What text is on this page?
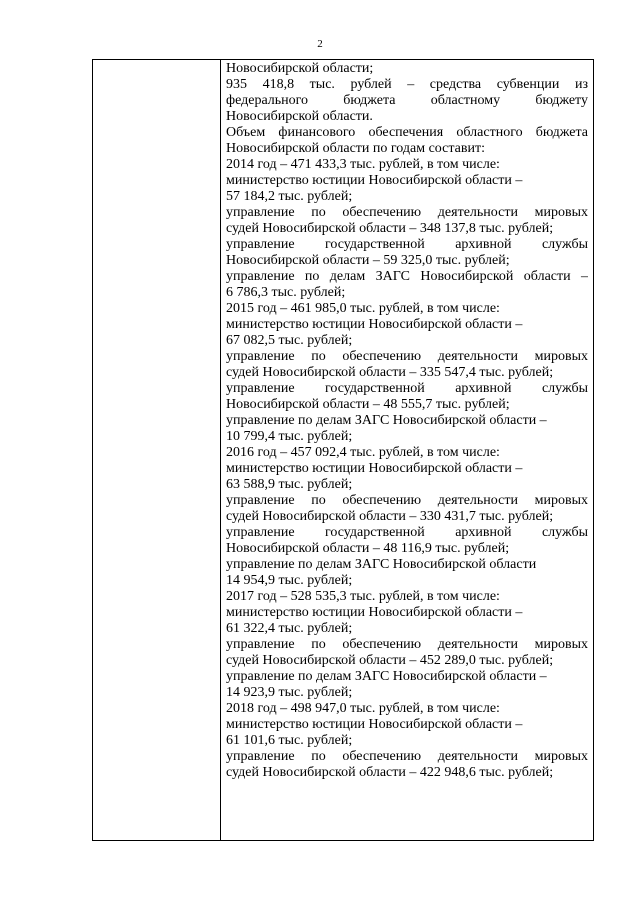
2
Новосибирской области;
935 418,8 тыс. рублей – средства субвенции из
федерального бюджета областному бюджету
Новосибирской области.
Объем финансового обеспечения областного бюджета
Новосибирской области по годам составит:
2014 год – 471 433,3 тыс. рублей, в том числе:
министерство юстиции Новосибирской области –
57 184,2 тыс. рублей;
управление по обеспечению деятельности мировых
судей Новосибирской области – 348 137,8 тыс. рублей;
управление государственной архивной службы
Новосибирской области – 59 325,0 тыс. рублей;
управление по делам ЗАГС Новосибирской области –
6 786,3 тыс. рублей;
2015 год – 461 985,0 тыс. рублей, в том числе:
министерство юстиции Новосибирской области –
67 082,5 тыс. рублей;
управление по обеспечению деятельности мировых
судей Новосибирской области – 335 547,4 тыс. рублей;
управление государственной архивной службы
Новосибирской области – 48 555,7 тыс. рублей;
управление по делам ЗАГС Новосибирской области –
10 799,4 тыс. рублей;
2016 год – 457 092,4 тыс. рублей, в том числе:
министерство юстиции Новосибирской области –
63 588,9 тыс. рублей;
управление по обеспечению деятельности мировых
судей Новосибирской области – 330 431,7 тыс. рублей;
управление государственной архивной службы
Новосибирской области – 48 116,9 тыс. рублей;
управление по делам ЗАГС Новосибирской области
14 954,9 тыс. рублей;
2017 год – 528 535,3 тыс. рублей, в том числе:
министерство юстиции Новосибирской области –
61 322,4 тыс. рублей;
управление по обеспечению деятельности мировых
судей Новосибирской области – 452 289,0 тыс. рублей;
управление по делам ЗАГС Новосибирской области –
14 923,9 тыс. рублей;
2018 год – 498 947,0 тыс. рублей, в том числе:
министерство юстиции Новосибирской области –
61 101,6 тыс. рублей;
управление по обеспечению деятельности мировых
судей Новосибирской области – 422 948,6 тыс. рублей;
